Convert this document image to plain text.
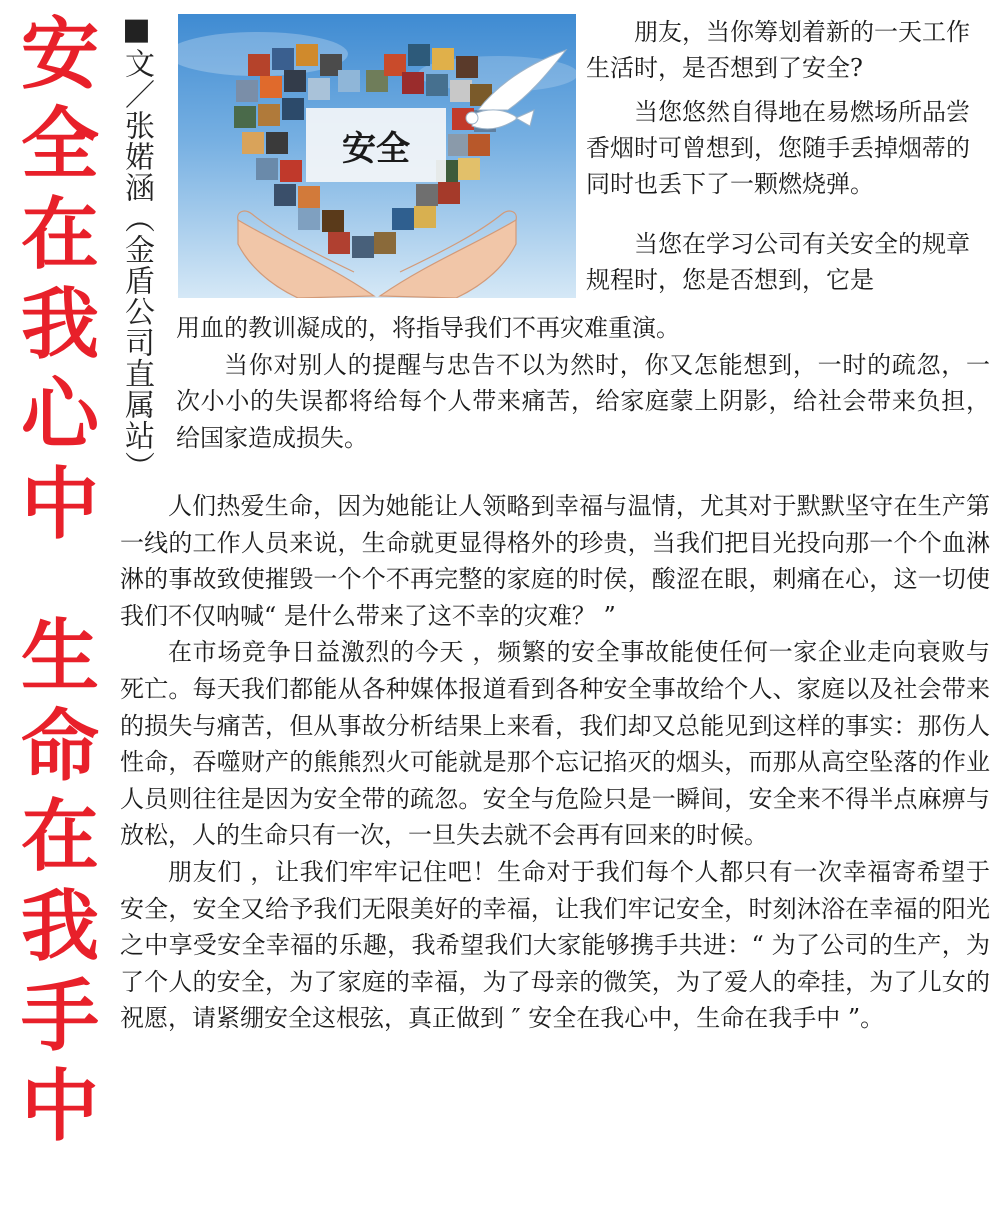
安
全
在
我
心
中
生
命
在
我
手
中
■文／张婼涵（金盾公司直属站）	安全

朋友，当你筹划着新的一天工作生活时，是否想到了安全?

当您悠然自得地在易燃场所品尝香烟时可曾想到，您随手丢掉烟蒂的同时也丢下了一颗燃烧弹。

当您在学习公司有关安全的规章规程时，您是否想到，它是

用血的教训凝成的，将指导我们不再灾难重演。

当你对别人的提醒与忠告不以为然时，你又怎能想到，一时的疏忽，一次小小的失误都将给每个人带来痛苦，给家庭蒙上阴影，给社会带来负担，给国家造成损失。

人们热爱生命，因为她能让人领略到幸福与温情，尤其对于默默坚守在生产第一线的工作人员来说，生命就更显得格外的珍贵，当我们把目光投向那一个个血淋淋的事故致使摧毁一个个不再完整的家庭的时侯，酸涩在眼，刺痛在心，这一切使我们不仅呐喊“ 是什么带来了这不幸的灾难？ ”

在市场竞争日益激烈的今天 ，频繁的安全事故能使任何一家企业走向衰败与死亡。每天我们都能从各种媒体报道看到各种安全事故给个人、家庭以及社会带来的损失与痛苦，但从事故分析结果上来看，我们却又总能见到这样的事实：那伤人性命，吞噬财产的熊熊烈火可能就是那个忘记掐灭的烟头，而那从高空坠落的作业人员则往往是因为安全带的疏忽。安全与危险只是一瞬间，安全来不得半点麻痹与放松，人的生命只有一次，一旦失去就不会再有回来的时候。

朋友们 ，让我们牢牢记住吧！生命对于我们每个人都只有一次幸福寄希望于安全，安全又给予我们无限美好的幸福，让我们牢记安全，时刻沐浴在幸福的阳光之中享受安全幸福的乐趣，我希望我们大家能够携手共进：“ 为了公司的生产，为了个人的安全，为了家庭的幸福，为了母亲的微笑，为了爱人的牵挂，为了儿女的祝愿，请紧绷安全这根弦，真正做到 ″ 安全在我心中，生命在我手中 ”。
